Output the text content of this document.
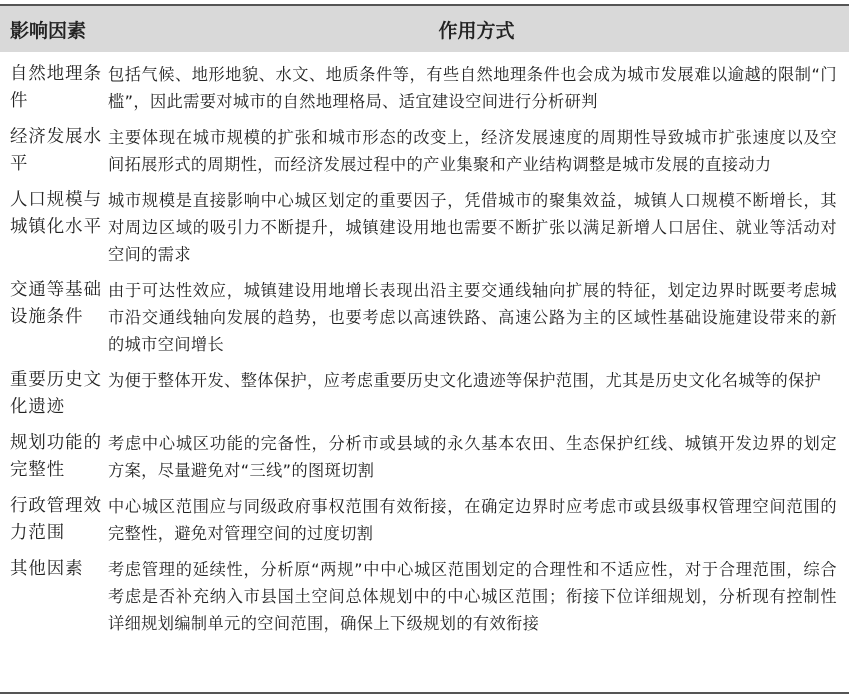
影响因素	作用方式
自然地理条件	包括气候、地形地貌、水文、地质条件等，有些自然地理条件也会成为城市发展难以逾越的限制“门槛”，因此需要对城市的自然地理格局、适宜建设空间进行分析研判
经济发展水平	主要体现在城市规模的扩张和城市形态的改变上，经济发展速度的周期性导致城市扩张速度以及空间拓展形式的周期性，而经济发展过程中的产业集聚和产业结构调整是城市发展的直接动力
人口规模与城镇化水平	城市规模是直接影响中心城区划定的重要因子，凭借城市的聚集效益，城镇人口规模不断增长，其对周边区域的吸引力不断提升，城镇建设用地也需要不断扩张以满足新增人口居住、就业等活动对空间的需求
交通等基础设施条件	由于可达性效应，城镇建设用地增长表现出沿主要交通线轴向扩展的特征，划定边界时既要考虑城市沿交通线轴向发展的趋势，也要考虑以高速铁路、高速公路为主的区域性基础设施建设带来的新的城市空间增长
重要历史文化遗迹	为便于整体开发、整体保护，应考虑重要历史文化遗迹等保护范围，尤其是历史文化名城等的保护
规划功能的完整性	考虑中心城区功能的完备性，分析市或县域的永久基本农田、生态保护红线、城镇开发边界的划定方案，尽量避免对“三线”的图斑切割
行政管理效力范围	中心城区范围应与同级政府事权范围有效衔接，在确定边界时应考虑市或县级事权管理空间范围的完整性，避免对管理空间的过度切割
其他因素	考虑管理的延续性，分析原“两规”中中心城区范围划定的合理性和不适应性，对于合理范围，综合考虑是否补充纳入市县国土空间总体规划中的中心城区范围；衔接下位详细规划，分析现有控制性详细规划编制单元的空间范围，确保上下级规划的有效衔接
